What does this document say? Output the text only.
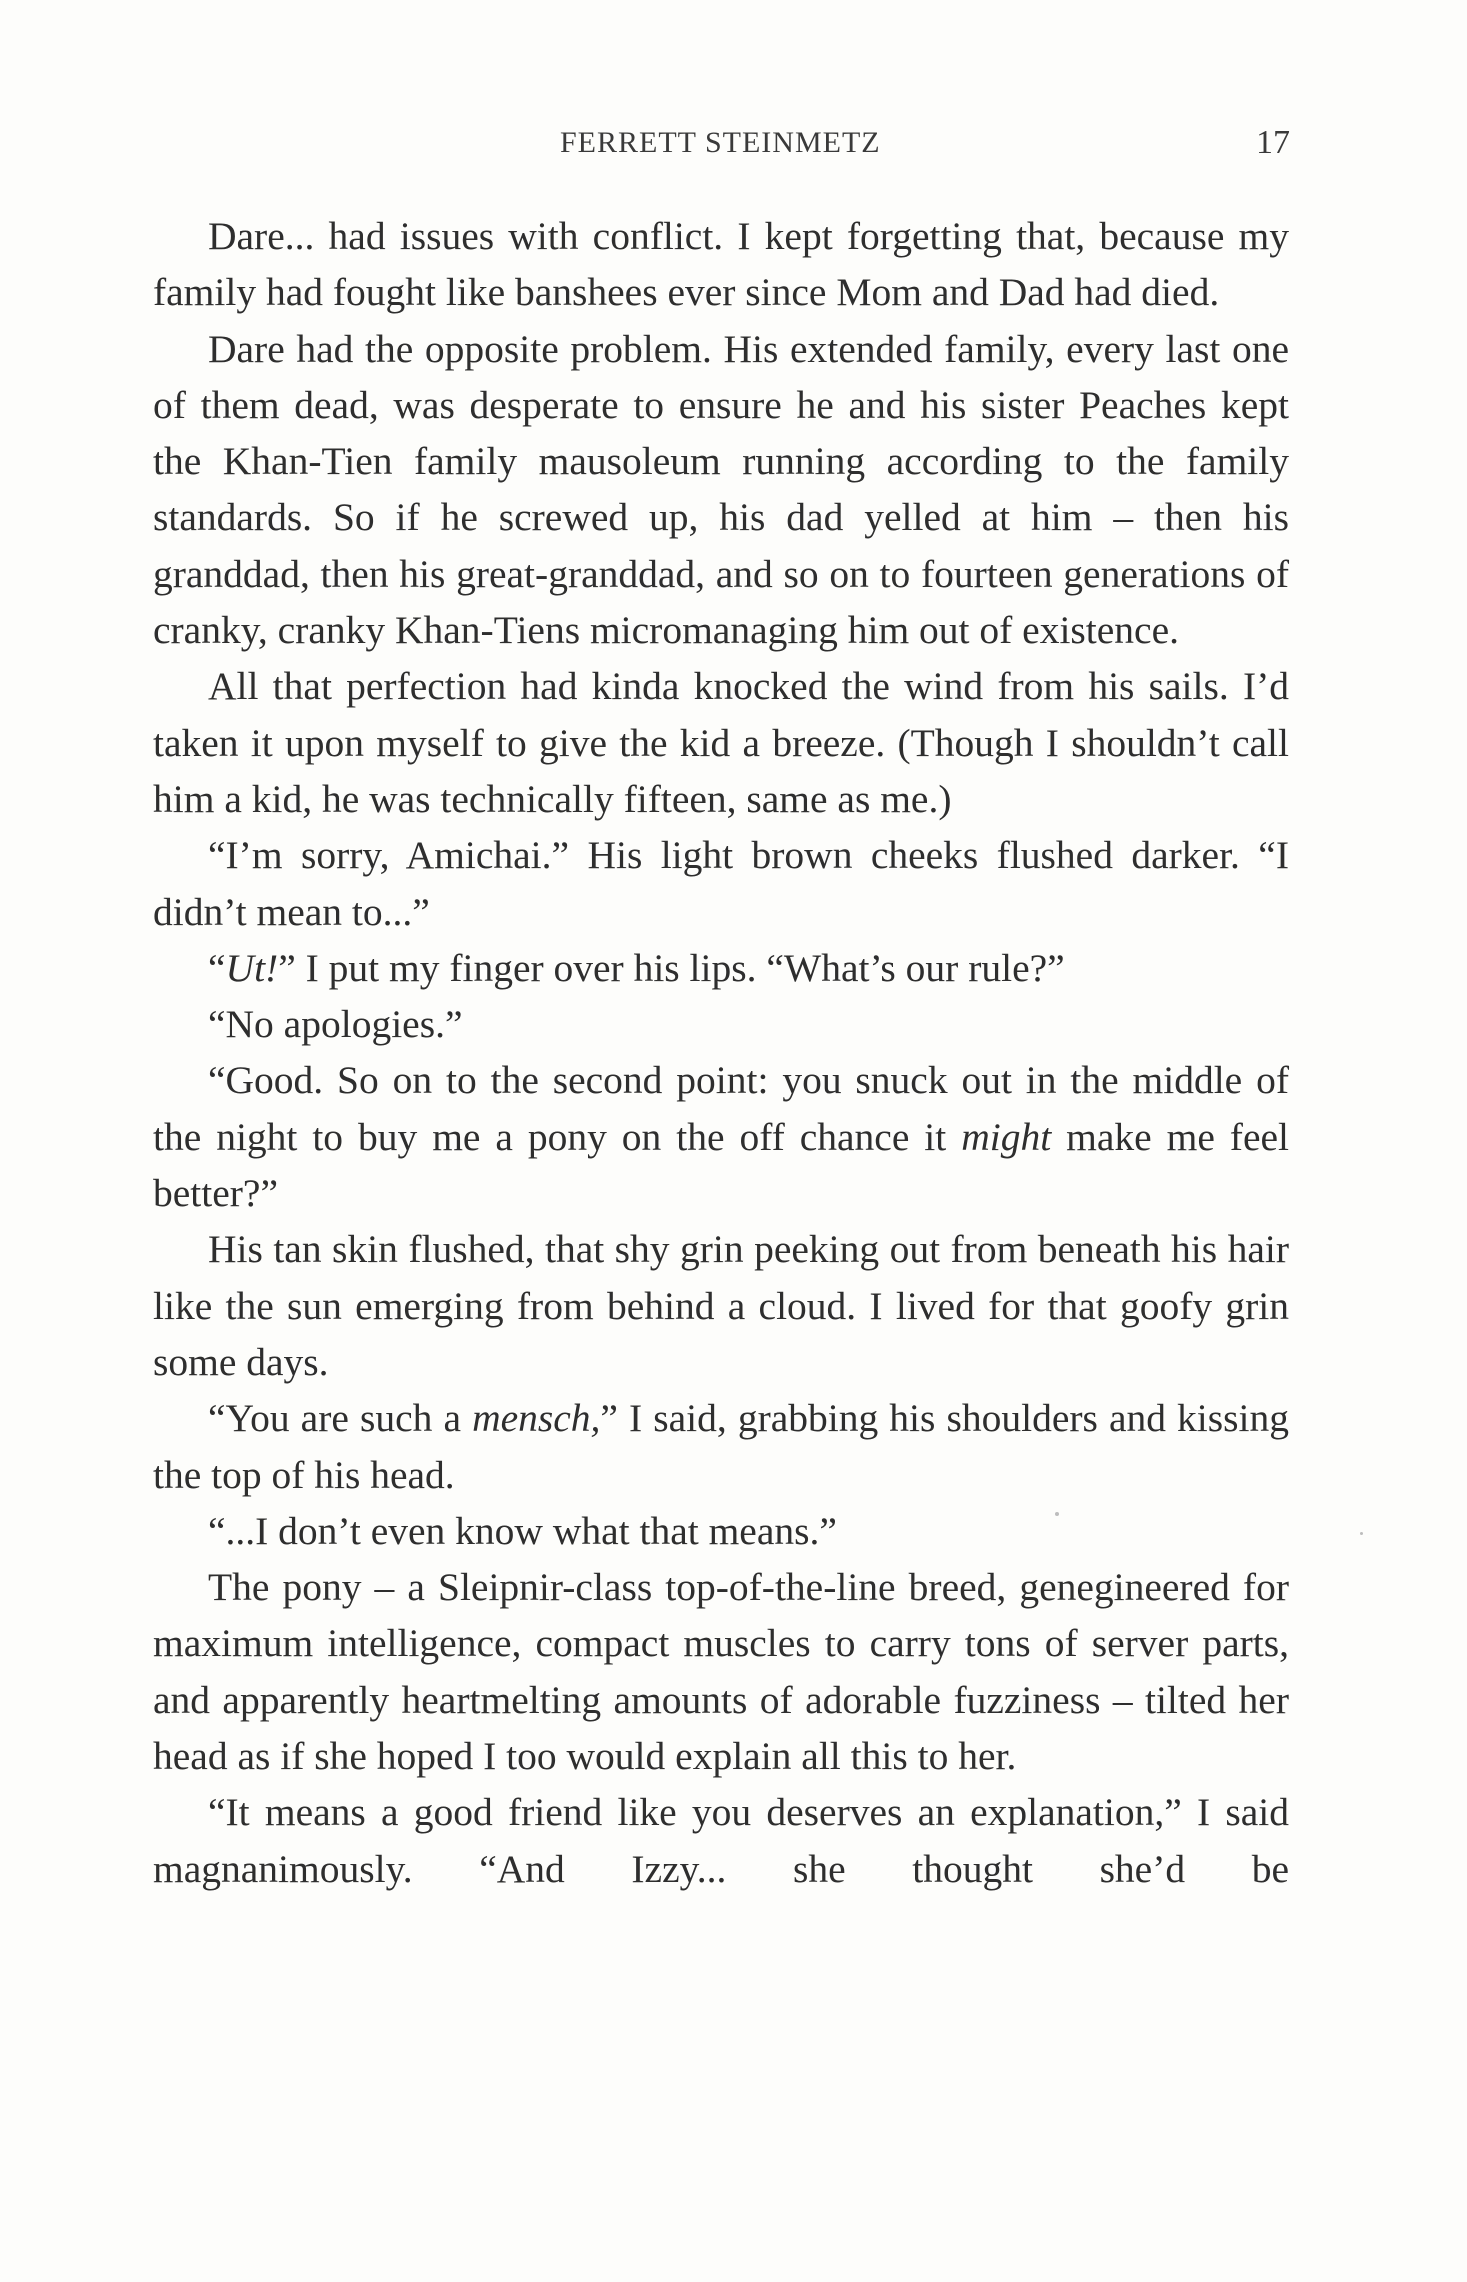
FERRETT STEINMETZ	17

Dare... had issues with conflict. I kept forgetting that, because my family had fought like banshees ever since Mom and Dad had died.

Dare had the opposite problem. His extended family, every last one of them dead, was desperate to ensure he and his sister Peaches kept the Khan-Tien family mausoleum running according to the family standards. So if he screwed up, his dad yelled at him – then his granddad, then his great-granddad, and so on to fourteen generations of cranky, cranky Khan-Tiens micromanaging him out of existence.

All that perfection had kinda knocked the wind from his sails. I’d taken it upon myself to give the kid a breeze. (Though I shouldn’t call him a kid, he was technically fifteen, same as me.)

“I’m sorry, Amichai.” His light brown cheeks flushed darker. “I didn’t mean to...”

“Ut!” I put my finger over his lips. “What’s our rule?”

“No apologies.”

“Good. So on to the second point: you snuck out in the middle of the night to buy me a pony on the off chance it might make me feel better?”

His tan skin flushed, that shy grin peeking out from beneath his hair like the sun emerging from behind a cloud. I lived for that goofy grin some days.

“You are such a mensch,” I said, grabbing his shoulders and kissing the top of his head.

“...I don’t even know what that means.”

The pony – a Sleipnir-class top-of-the-line breed, genegineered for maximum intelligence, compact muscles to carry tons of server parts, and apparently heartmelting amounts of adorable fuzziness – tilted her head as if she hoped I too would explain all this to her.

“It means a good friend like you deserves an explanation,” I said magnanimously. “And Izzy... she thought she’d be
